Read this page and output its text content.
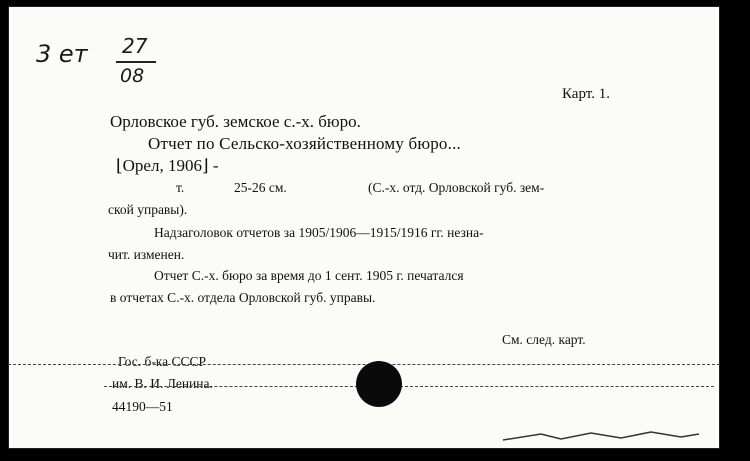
3 ет 27
08
Карт. 1.
Орловское губ. земское с.-х. бюро.
Отчет по Сельско-хозяйственному бюро...
⌊Орел, 1906⌋ -
т.	25-26 см.	(С.-х. отд. Орловской губ. зем-
ской управы).
Надзаголовок отчетов за 1905/1906—1915/1916 гг. незна-
чит. изменен.
Отчет С.-х. бюро за время до 1 сент. 1905 г. печатался
в отчетах С.-х. отдела Орловской губ. управы.
См. след. карт.
Гос. б-ка СССР
им. В. И. Ленина.
44190—51
